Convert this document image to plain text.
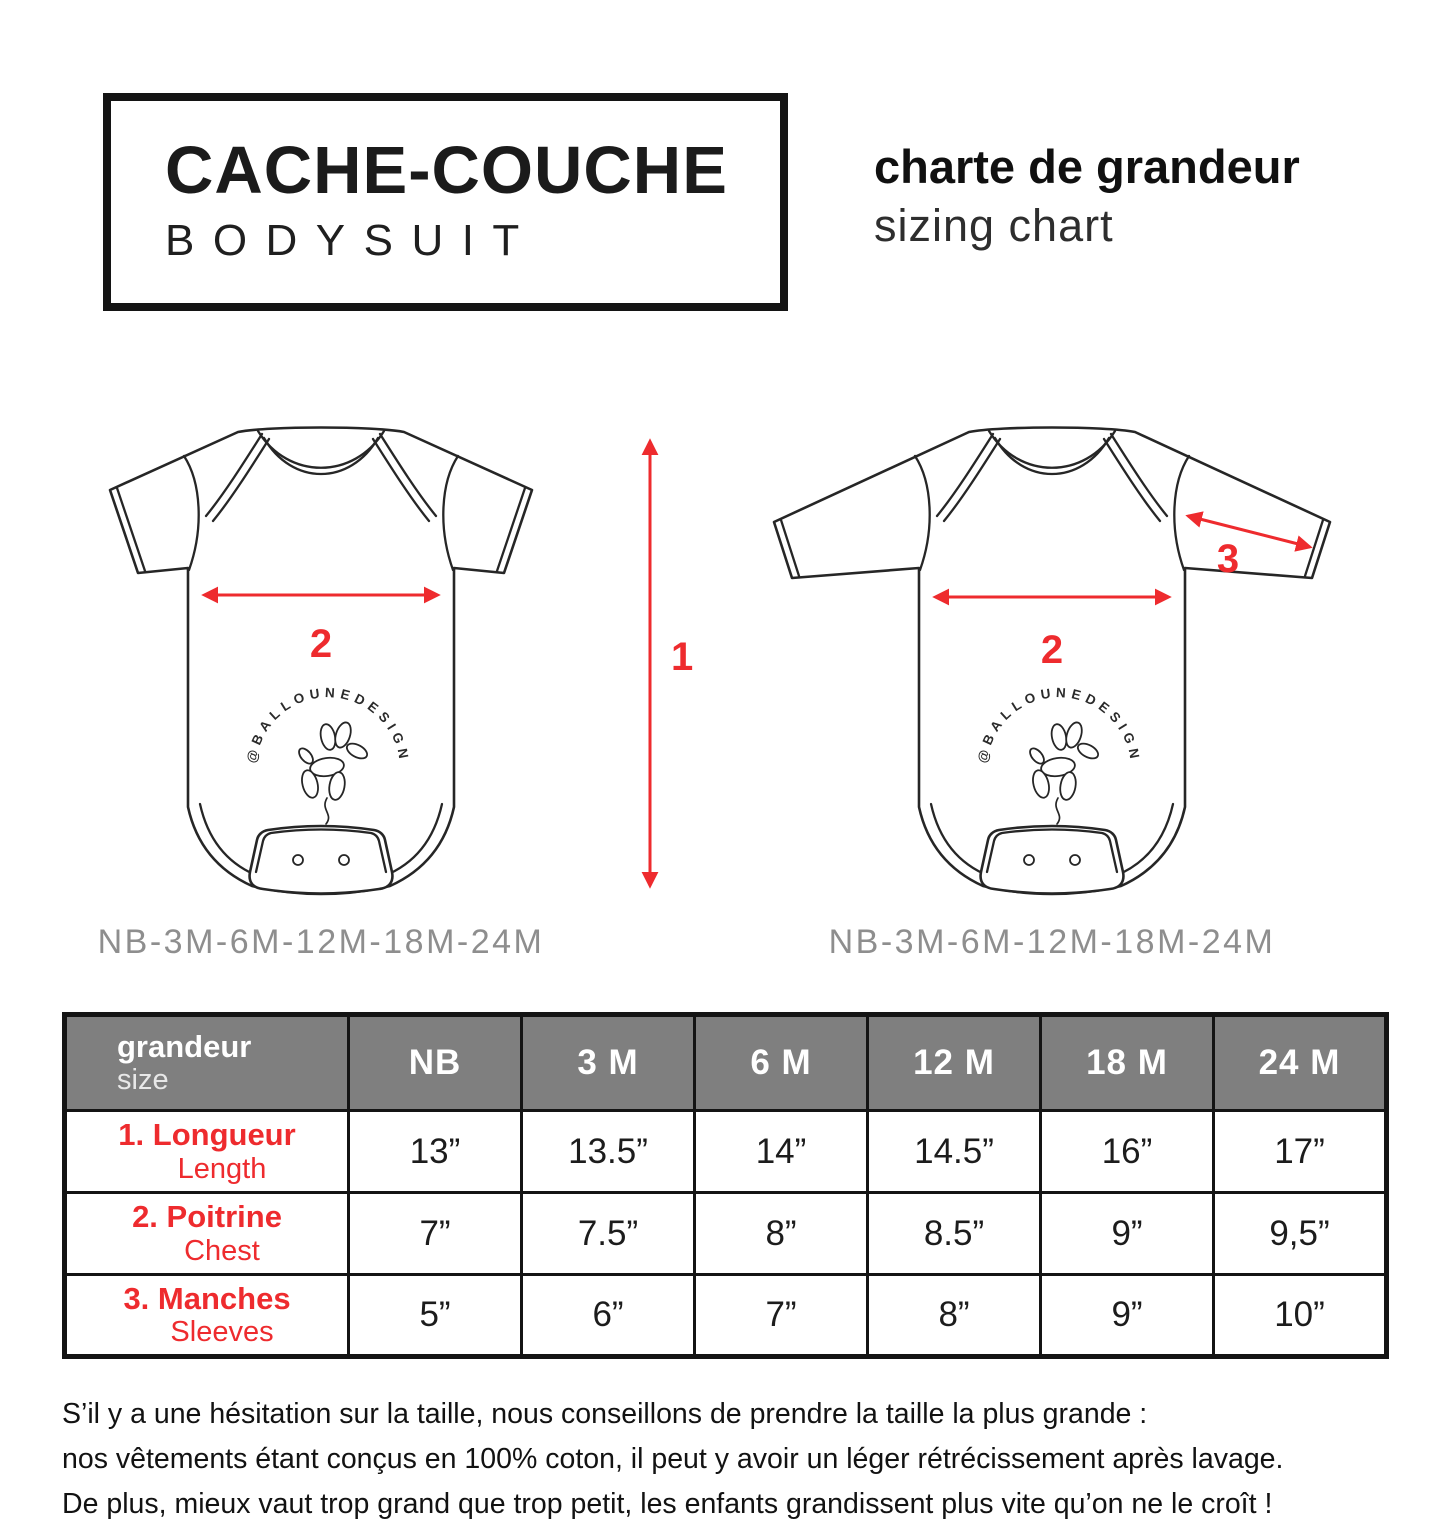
CACHE-COUCHE
BODYSUIT
charte de grandeur
sizing chart
2	1	2
3
NB-3M-6M-12M-18M-24M	NB-3M-6M-12M-18M-24M
grandeur
size	NB	3 M	6 M	12 M	18 M	24 M
1. Longueur
Length	13”	13.5”	14”	14.5”	16”	17”
2. Poitrine
Chest	7”	7.5”	8”	8.5”	9”	9,5”
3. Manches
Sleeves	5”	6”	7”	8”	9”	10”
S’il y a une hésitation sur la taille, nous conseillons de prendre la taille la plus grande :
nos vêtements étant conçus en 100% coton, il peut y avoir un léger rétrécissement après lavage.
De plus, mieux vaut trop grand que trop petit, les enfants grandissent plus vite qu’on ne le croît !
